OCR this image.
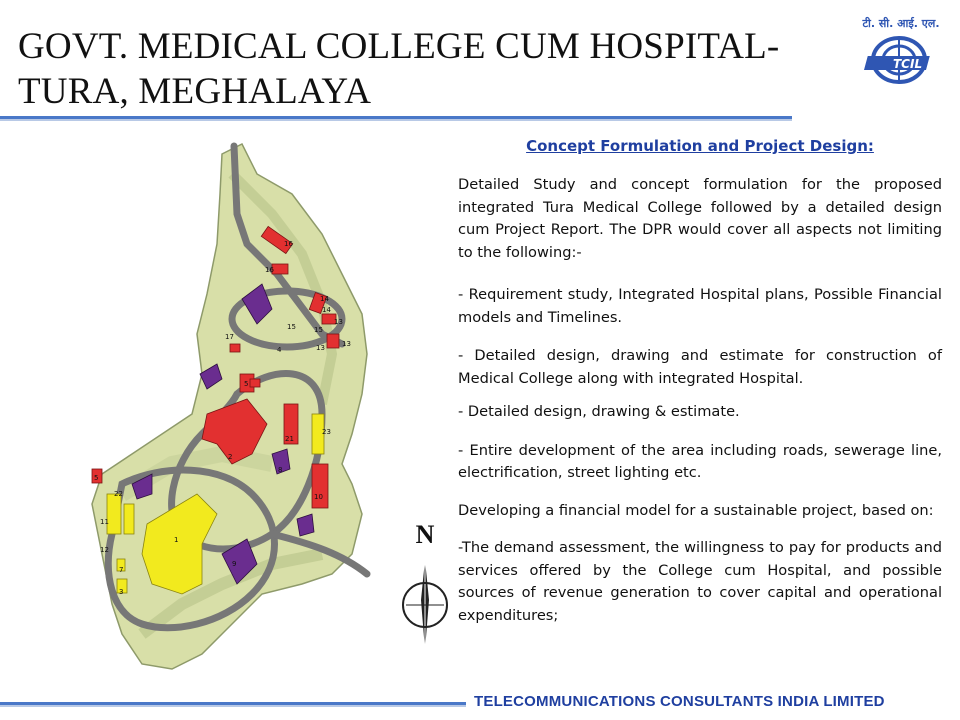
GOVT. MEDICAL COLLEGE CUM HOSPITAL-
TURA, MEGHALAYA
टी. सी. आई. एल.
TCIL
16
16
15
14
15
13
13
14
13
17
5
2
4
21
23
10
8
22
11
12
1
9
3
7
5
N
Concept Formulation and Project Design:

Detailed Study and concept formulation for the proposed integrated Tura Medical College followed by a detailed design cum Project Report. The DPR would cover all aspects not limiting to the following:-

- Requirement study, Integrated Hospital plans, Possible Financial models and Timelines.

- Detailed design, drawing and estimate for construction of Medical College along with integrated Hospital.

- Detailed design, drawing & estimate.

- Entire development of the area including roads, sewerage line, electrification, street lighting etc.

Developing a financial model for a sustainable project, based on:

-The demand assessment, the willingness to pay for products and services offered by the College cum Hospital, and possible sources of revenue generation to cover capital and operational expenditures;

TELECOMMUNICATIONS CONSULTANTS INDIA LIMITED
